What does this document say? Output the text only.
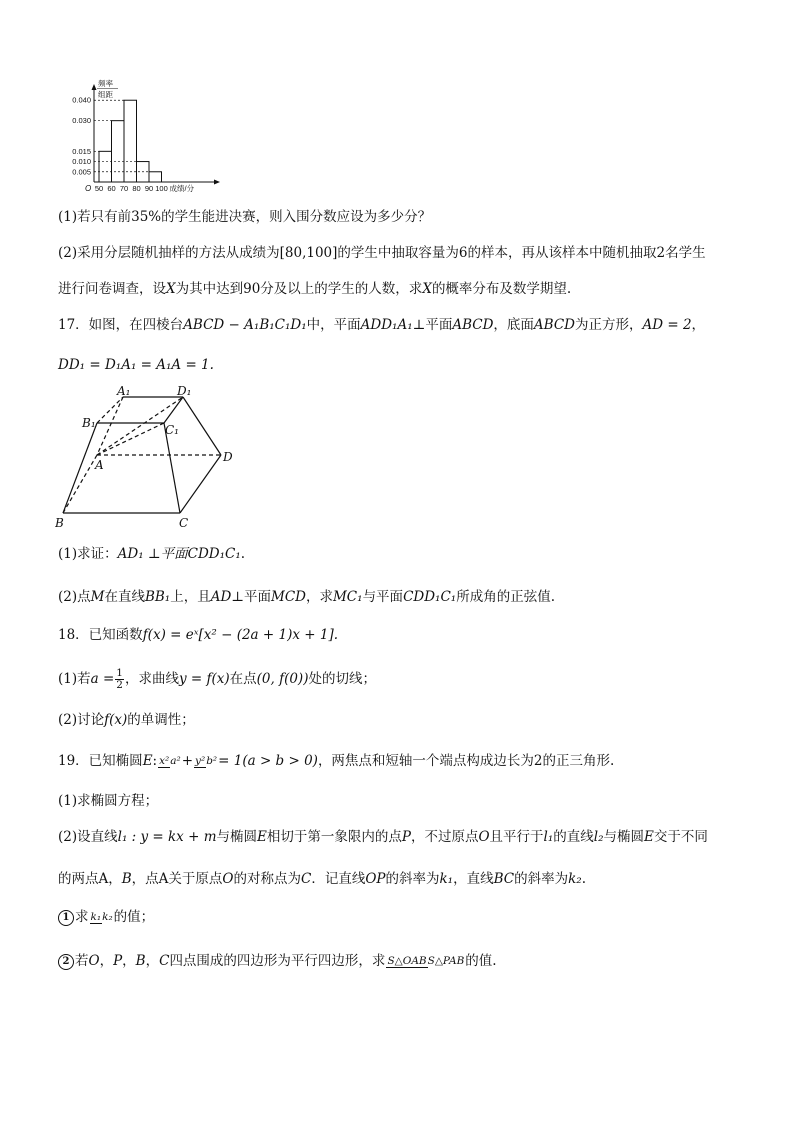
0.040
0.030
0.015
0.010
0.005
50 60 70 80 90 100 成绩/分
O
频率
组距
(1)若只有前35%的学生能进决赛，则入围分数应设为多少分？
(2)采用分层随机抽样的方法从成绩为[80,100]的学生中抽取容量为6的样本，再从该样本中随机抽取2名学生
进行问卷调查，设X为其中达到90分及以上的学生的人数，求X的概率分布及数学期望.
17．如图，在四棱台ABCD − A₁B₁C₁D₁中，平面ADD₁A₁⊥平面ABCD，底面ABCD为正方形，AD = 2，
DD₁ = D₁A₁ = A₁A = 1.
A₁	D₁
B₁	C₁
A
B	C
D
(1)求证：AD₁ ⊥平面CDD₁C₁.
(2)点M在直线BB₁上，且AD⊥平面MCD，求MC₁与平面CDD₁C₁所成角的正弦值.
18．已知函数f(x) = eˣ[x² − (2a + 1)x + 1].
(1)若$a = \frac{1}{2}$ ，求曲线y = f(x)在点(0, f(0))处的切线；
(2)讨论f(x)的单调性；
19．已知椭圆E: x²a²+ y²b²= 1(a > b > 0)，两焦点和短轴一个端点构成边长为2的正三角形.
(1)求椭圆方程；
(2)设直线l₁ : y = kx + m与椭圆E相切于第一象限内的点P，不过原点O且平行于l₁的直线l₂与椭圆E交于不同
的两点A，B，点A关于原点O的对称点为C．记直线OP的斜率为k₁，直线BC的斜率为k₂.
1 求 k₁k₂的值；
2 若O，P，B，C四点围成的四边形为平行四边形，求 S△OABS△PAB的值.
